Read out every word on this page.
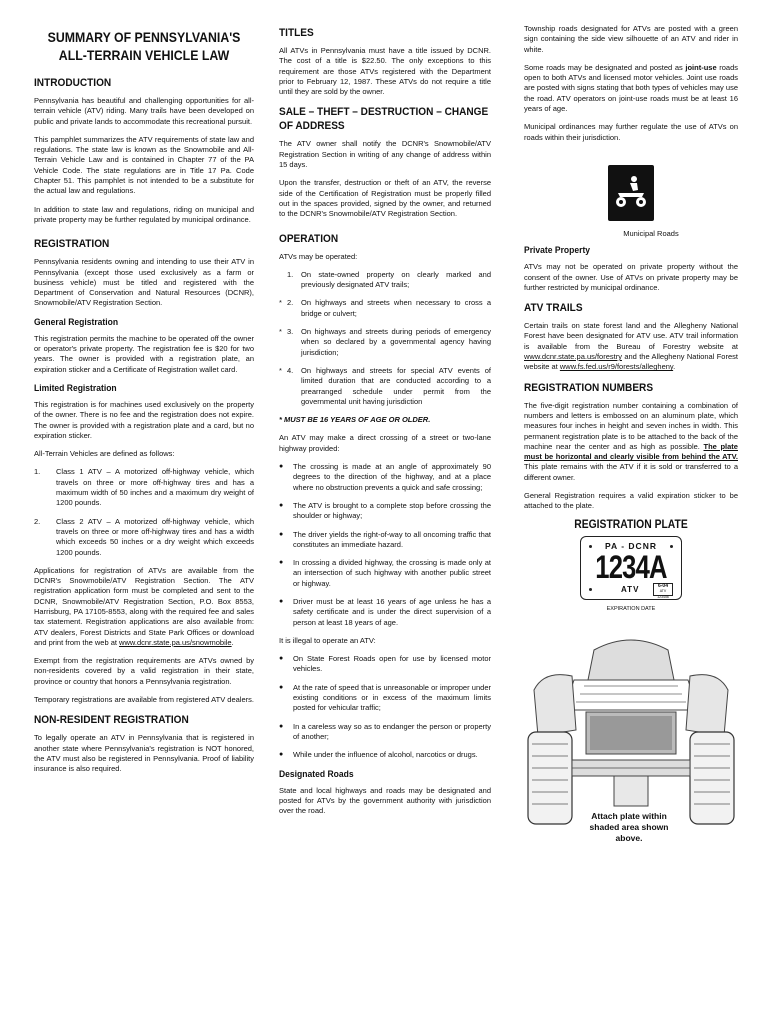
SUMMARY OF PENNSYLVANIA'S ALL-TERRAIN VEHICLE LAW
INTRODUCTION

Pennsylvania has beautiful and challenging opportunities for all-terrain vehicle (ATV) riding. Many trails have been developed on public and private lands to accommodate this recreational pursuit.

This pamphlet summarizes the ATV requirements of state law and regulations. The state law is known as the Snowmobile and All-Terrain Vehicle Law and is contained in Chapter 77 of the PA Vehicle Code. The state regulations are in Title 17 Pa. Code Chapter 51. This pamphlet is not intended to be a substitute for the actual law and regulations.

In addition to state law and regulations, riding on municipal and private property may be further regulated by municipal ordinance.

REGISTRATION

Pennsylvania residents owning and intending to use their ATV in Pennsylvania (except those used exclusively as a farm or business vehicle) must be titled and registered with the Department of Conservation and Natural Resources (DCNR), Snowmobile/ATV Registration Section.

General Registration

This registration permits the machine to be operated off the owner or operator's private property. The registration fee is $20 for two years. The owner is provided with a registration plate, an expiration sticker and a Certificate of Registration wallet card.

Limited Registration

This registration is for machines used exclusively on the property of the owner. There is no fee and the registration does not expire. The owner is provided with a registration plate and a card, but no expiration sticker.

All-Terrain Vehicles are defined as follows:

1.	Class 1 ATV – A motorized off-highway vehicle, which travels on three or more off-highway tires and has a maximum width of 50 inches and a maximum dry weight of 1200 pounds.
2.	Class 2 ATV – A motorized off-highway vehicle, which travels on three or more off-highway tires and has a width which exceeds 50 inches or a dry weight which exceeds 1200 pounds.

Applications for registration of ATVs are available from the DCNR's Snowmobile/ATV Registration Section. The ATV registration application form must be completed and sent to the DCNR, Snowmobile/ATV Registration Section, P.O. Box 8553, Harrisburg, PA 17105-8553, along with the required fee and sales tax statement. Registration applications are also available from: ATV dealers, Forest Districts and State Park Offices or download and print from the web at www.dcnr.state.pa.us/snowmobile.

Exempt from the registration requirements are ATVs owned by non-residents covered by a valid registration in their state, province or country that honors a Pennsylvania registration.

Temporary registrations are available from registered ATV dealers.

NON-RESIDENT REGISTRATION

To legally operate an ATV in Pennsylvania that is registered in another state where Pennsylvania's registration is NOT honored, the ATV must also be registered in Pennsylvania. Proof of liability insurance is also required.

TITLES

All ATVs in Pennsylvania must have a title issued by DCNR. The cost of a title is $22.50. The only exceptions to this requirement are those ATVs registered with the Department prior to February 12, 1987. These ATVs do not require a title until they are sold by the owner.

SALE – THEFT – DESTRUCTION – CHANGE OF ADDRESS

The ATV owner shall notify the DCNR's Snowmobile/ATV Registration Section in writing of any change of address within 15 days.

Upon the transfer, destruction or theft of an ATV, the reverse side of the Certification of Registration must be properly filled out in the spaces provided, signed by the owner, and returned to the DCNR's Snowmobile/ATV Registration Section.

OPERATION

ATVs may be operated:

1.	On state-owned property on clearly marked and previously designated ATV trails;
* 2.	On highways and streets when necessary to cross a bridge or culvert;
* 3.	On highways and streets during periods of emergency when so declared by a governmental agency having jurisdiction;
* 4.	On highways and streets for special ATV events of limited duration that are conducted according to a prearranged schedule under permit from the governmental unit having jurisdiction

* MUST BE 16 YEARS OF AGE OR OLDER.

An ATV may make a direct crossing of a street or two-lane highway provided:

●	The crossing is made at an angle of approximately 90 degrees to the direction of the highway, and at a place where no obstruction prevents a quick and safe crossing;
●	The ATV is brought to a complete stop before crossing the shoulder or highway;
●	The driver yields the right-of-way to all oncoming traffic that constitutes an immediate hazard.
●	In crossing a divided highway, the crossing is made only at an intersection of such highway with another public street or highway.
●	Driver must be at least 16 years of age unless he has a safety certificate and is under the direct supervision of a person at least 18 years of age.

It is illegal to operate an ATV:

●	On State Forest Roads open for use by licensed motor vehicles.
●	At the rate of speed that is unreasonable or improper under existing conditions or in excess of the maximum limits posted for vehicular traffic;
●	In a careless way so as to endanger the person or property of another;
●	While under the influence of alcohol, narcotics or drugs.
Designated Roads

State and local highways and roads may be designated and posted for ATVs by the government authority with jurisdiction over the road.

Township roads designated for ATVs are posted with a green sign containing the side view silhouette of an ATV and rider in white.

Some roads may be designated and posted as joint-use roads open to both ATVs and licensed motor vehicles. Joint use roads are posted with signs stating that both types of vehicles may use the road. ATV operators on joint-use roads must be at least 16 years of age.

Municipal ordinances may further regulate the use of ATVs on roads within their jurisdiction.

Municipal Roads
Private Property

ATVs may not be operated on private property without the consent of the owner. Use of ATVs on private property may be further restricted by municipal ordinance.

ATV TRAILS

Certain trails on state forest land and the Allegheny National Forest have been designated for ATV use. ATV trail information is available from the Bureau of Forestry website at www.dcnr.state.pa.us/forestry and the Allegheny National Forest website at www.fs.fed.us/r9/forests/allegheny.

REGISTRATION NUMBERS

The five-digit registration number containing a combination of numbers and letters is embossed on an aluminum plate, which measures four inches in height and seven inches in width. This permanent registration plate is to be attached to the back of the machine near the center and as high as possible. The plate must be horizontal and clearly visible from behind the ATV. This plate remains with the ATV if it is sold or transferred to a different owner.

General Registration requires a valid expiration sticker to be attached to the plate.

REGISTRATION PLATE
PA - DCNR
1234A
ATV	6-04
ATV 123456
EXPIRATION DATE
Attach plate within shaded area shown above.
